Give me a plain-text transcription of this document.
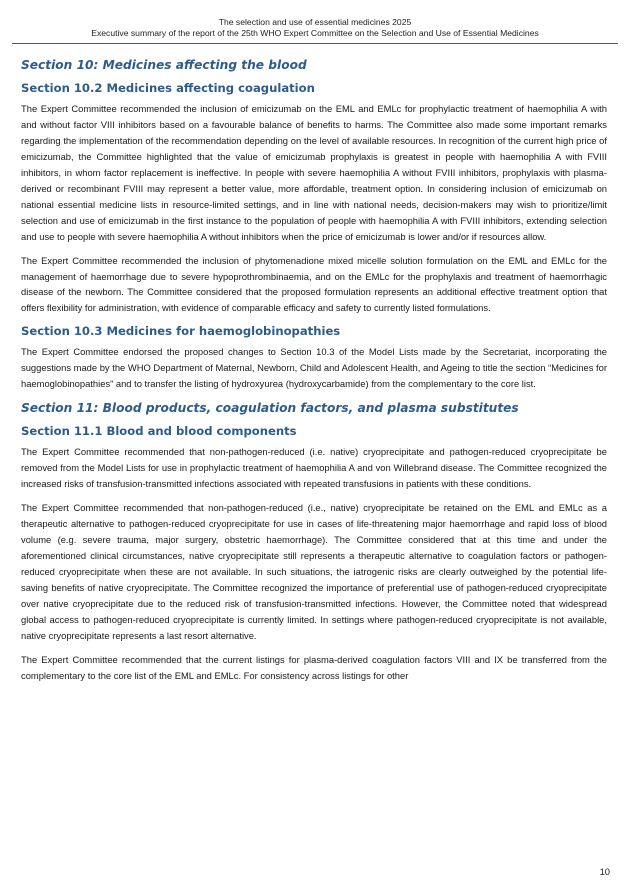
The selection and use of essential medicines 2025
Executive summary of the report of the 25th WHO Expert Committee on the Selection and Use of Essential Medicines
Section 10: Medicines affecting the blood
Section 10.2 Medicines affecting coagulation

The Expert Committee recommended the inclusion of emicizumab on the EML and EMLc for prophylactic treatment of haemophilia A with and without factor VIII inhibitors based on a favourable balance of benefits to harms. The Committee also made some important remarks regarding the implementation of the recommendation depending on the level of available resources. In recognition of the current high price of emicizumab, the Committee highlighted that the value of emicizumab prophylaxis is greatest in people with haemophilia A with FVIII inhibitors, in whom factor replacement is ineffective. In people with severe haemophilia A without FVIII inhibitors, prophylaxis with plasma-derived or recombinant FVIII may represent a better value, more affordable, treatment option. In considering inclusion of emicizumab on national essential medicine lists in resource-limited settings, and in line with national needs, decision-makers may wish to prioritize/limit selection and use of emicizumab in the first instance to the population of people with haemophilia A with FVIII inhibitors, extending selection and use to people with severe haemophilia A without inhibitors when the price of emicizumab is lower and/or if resources allow.

The Expert Committee recommended the inclusion of phytomenadione mixed micelle solution formulation on the EML and EMLc for the management of haemorrhage due to severe hypoprothrombinaemia, and on the EMLc for the prophylaxis and treatment of haemorrhagic disease of the newborn. The Committee considered that the proposed formulation represents an additional effective treatment option that offers flexibility for administration, with evidence of comparable efficacy and safety to currently listed formulations.

Section 10.3 Medicines for haemoglobinopathies

The Expert Committee endorsed the proposed changes to Section 10.3 of the Model Lists made by the Secretariat, incorporating the suggestions made by the WHO Department of Maternal, Newborn, Child and Adolescent Health, and Ageing to title the section “Medicines for haemoglobinopathies” and to transfer the listing of hydroxyurea (hydroxycarbamide) from the complementary to the core list.

Section 11: Blood products, coagulation factors, and plasma substitutes
Section 11.1 Blood and blood components

The Expert Committee recommended that non-pathogen-reduced (i.e. native) cryoprecipitate and pathogen-reduced cryoprecipitate be removed from the Model Lists for use in prophylactic treatment of haemophilia A and von Willebrand disease. The Committee recognized the increased risks of transfusion-transmitted infections associated with repeated transfusions in patients with these conditions.

The Expert Committee recommended that non-pathogen-reduced (i.e., native) cryoprecipitate be retained on the EML and EMLc as a therapeutic alternative to pathogen-reduced cryoprecipitate for use in cases of life-threatening major haemorrhage and rapid loss of blood volume (e.g. severe trauma, major surgery, obstetric haemorrhage). The Committee considered that at this time and under the aforementioned clinical circumstances, native cryoprecipitate still represents a therapeutic alternative to coagulation factors or pathogen-reduced cryoprecipitate when these are not available. In such situations, the iatrogenic risks are clearly outweighed by the potential life-saving benefits of native cryoprecipitate. The Committee recognized the importance of preferential use of pathogen-reduced cryoprecipitate over native cryoprecipitate due to the reduced risk of transfusion-transmitted infections. However, the Committee noted that widespread global access to pathogen-reduced cryoprecipitate is currently limited. In settings where pathogen-reduced cryoprecipitate is not available, native cryoprecipitate represents a last resort alternative.

The Expert Committee recommended that the current listings for plasma-derived coagulation factors VIII and IX be transferred from the complementary to the core list of the EML and EMLc. For consistency across listings for other

10
